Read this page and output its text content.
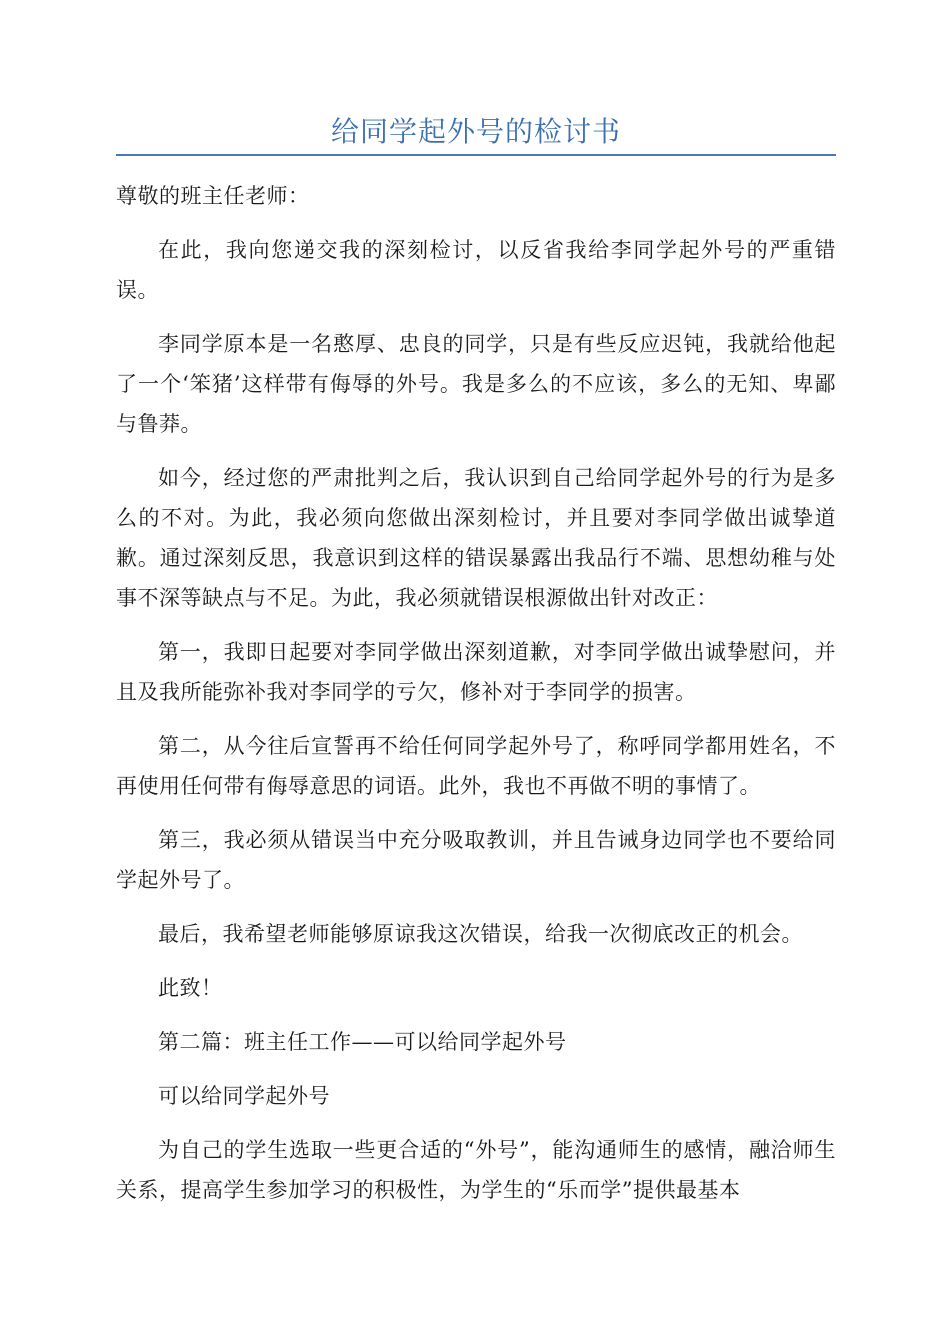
给同学起外号的检讨书

尊敬的班主任老师：

在此，我向您递交我的深刻检讨，以反省我给李同学起外号的严重错误。

李同学原本是一名憨厚、忠良的同学，只是有些反应迟钝，我就给他起了一个‘笨猪’这样带有侮辱的外号。我是多么的不应该，多么的无知、卑鄙与鲁莽。

如今，经过您的严肃批判之后，我认识到自己给同学起外号的行为是多么的不对。为此，我必须向您做出深刻检讨，并且要对李同学做出诚挚道歉。通过深刻反思，我意识到这样的错误暴露出我品行不端、思想幼稚与处事不深等缺点与不足。为此，我必须就错误根源做出针对改正：

第一，我即日起要对李同学做出深刻道歉，对李同学做出诚挚慰问，并且及我所能弥补我对李同学的亏欠，修补对于李同学的损害。

第二，从今往后宣誓再不给任何同学起外号了，称呼同学都用姓名，不再使用任何带有侮辱意思的词语。此外，我也不再做不明的事情了。

第三，我必须从错误当中充分吸取教训，并且告诫身边同学也不要给同学起外号了。

最后，我希望老师能够原谅我这次错误，给我一次彻底改正的机会。

此致！

第二篇：班主任工作——可以给同学起外号

可以给同学起外号

为自己的学生选取一些更合适的“外号”，能沟通师生的感情，融洽师生关系，提高学生参加学习的积极性，为学生的“乐而学”提供最基本
